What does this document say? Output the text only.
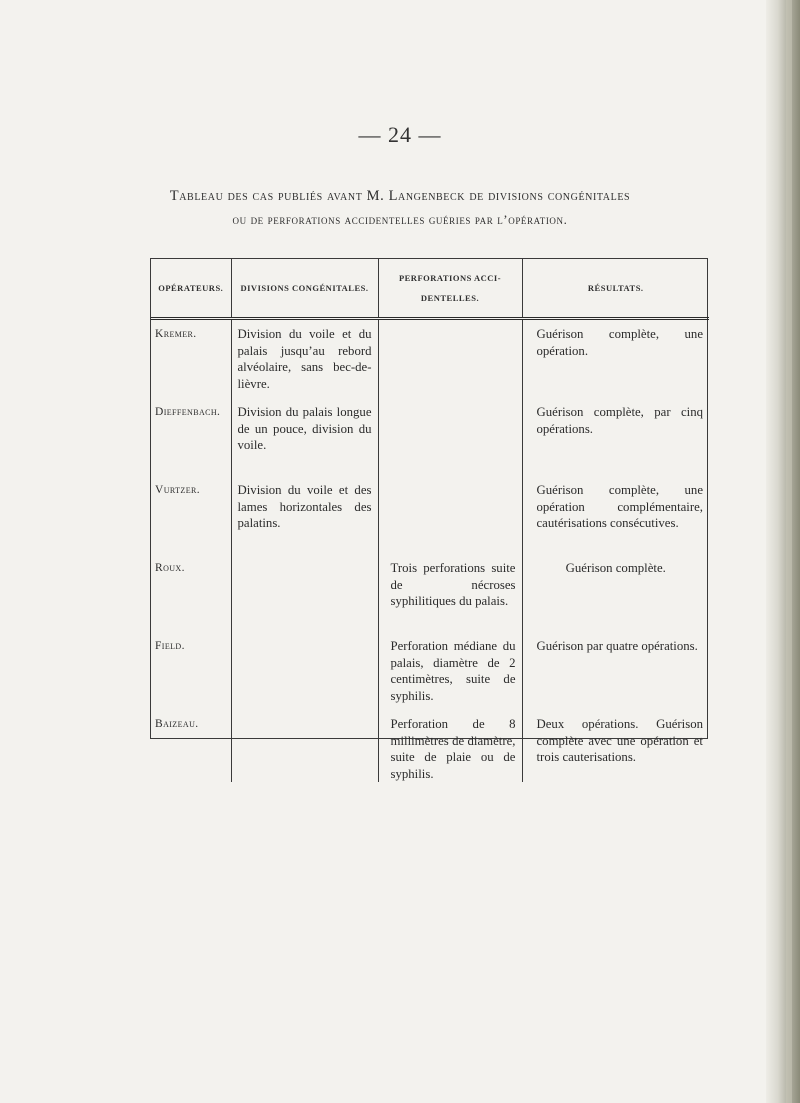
— 24 —
Tableau des cas publiés avant M. Langenbeck de divisions congénitales
ou de perforations accidentelles guéries par l’opération.
OPÉRATEURS.	DIVISIONS CONGÉNITALES.	PERFORATIONS ACCI-
DENTELLES.	RÉSULTATS.
Kremer.	Division du voile et du palais jusqu’au rebord alvéolaire, sans bec-de-lièvre.		Guérison complète, une opération.
Dieffenbach.	Division du palais longue de un pouce, division du voile.		Guérison complète, par cinq opérations.
Vurtzer.	Division du voile et des lames horizontales des palatins.		Guérison complète, une opération complémentaire, cautérisations consécutives.
Roux.		Trois perforations suite de nécroses syphilitiques du palais.	Guérison complète.
Field.		Perforation médiane du palais, diamètre de 2 centimètres, suite de syphilis.	Guérison par quatre opérations.
Baizeau.		Perforation de 8 millimètres de diamètre, suite de plaie ou de syphilis.	Deux opérations. Guérison complète avec une opération et trois cauterisations.
